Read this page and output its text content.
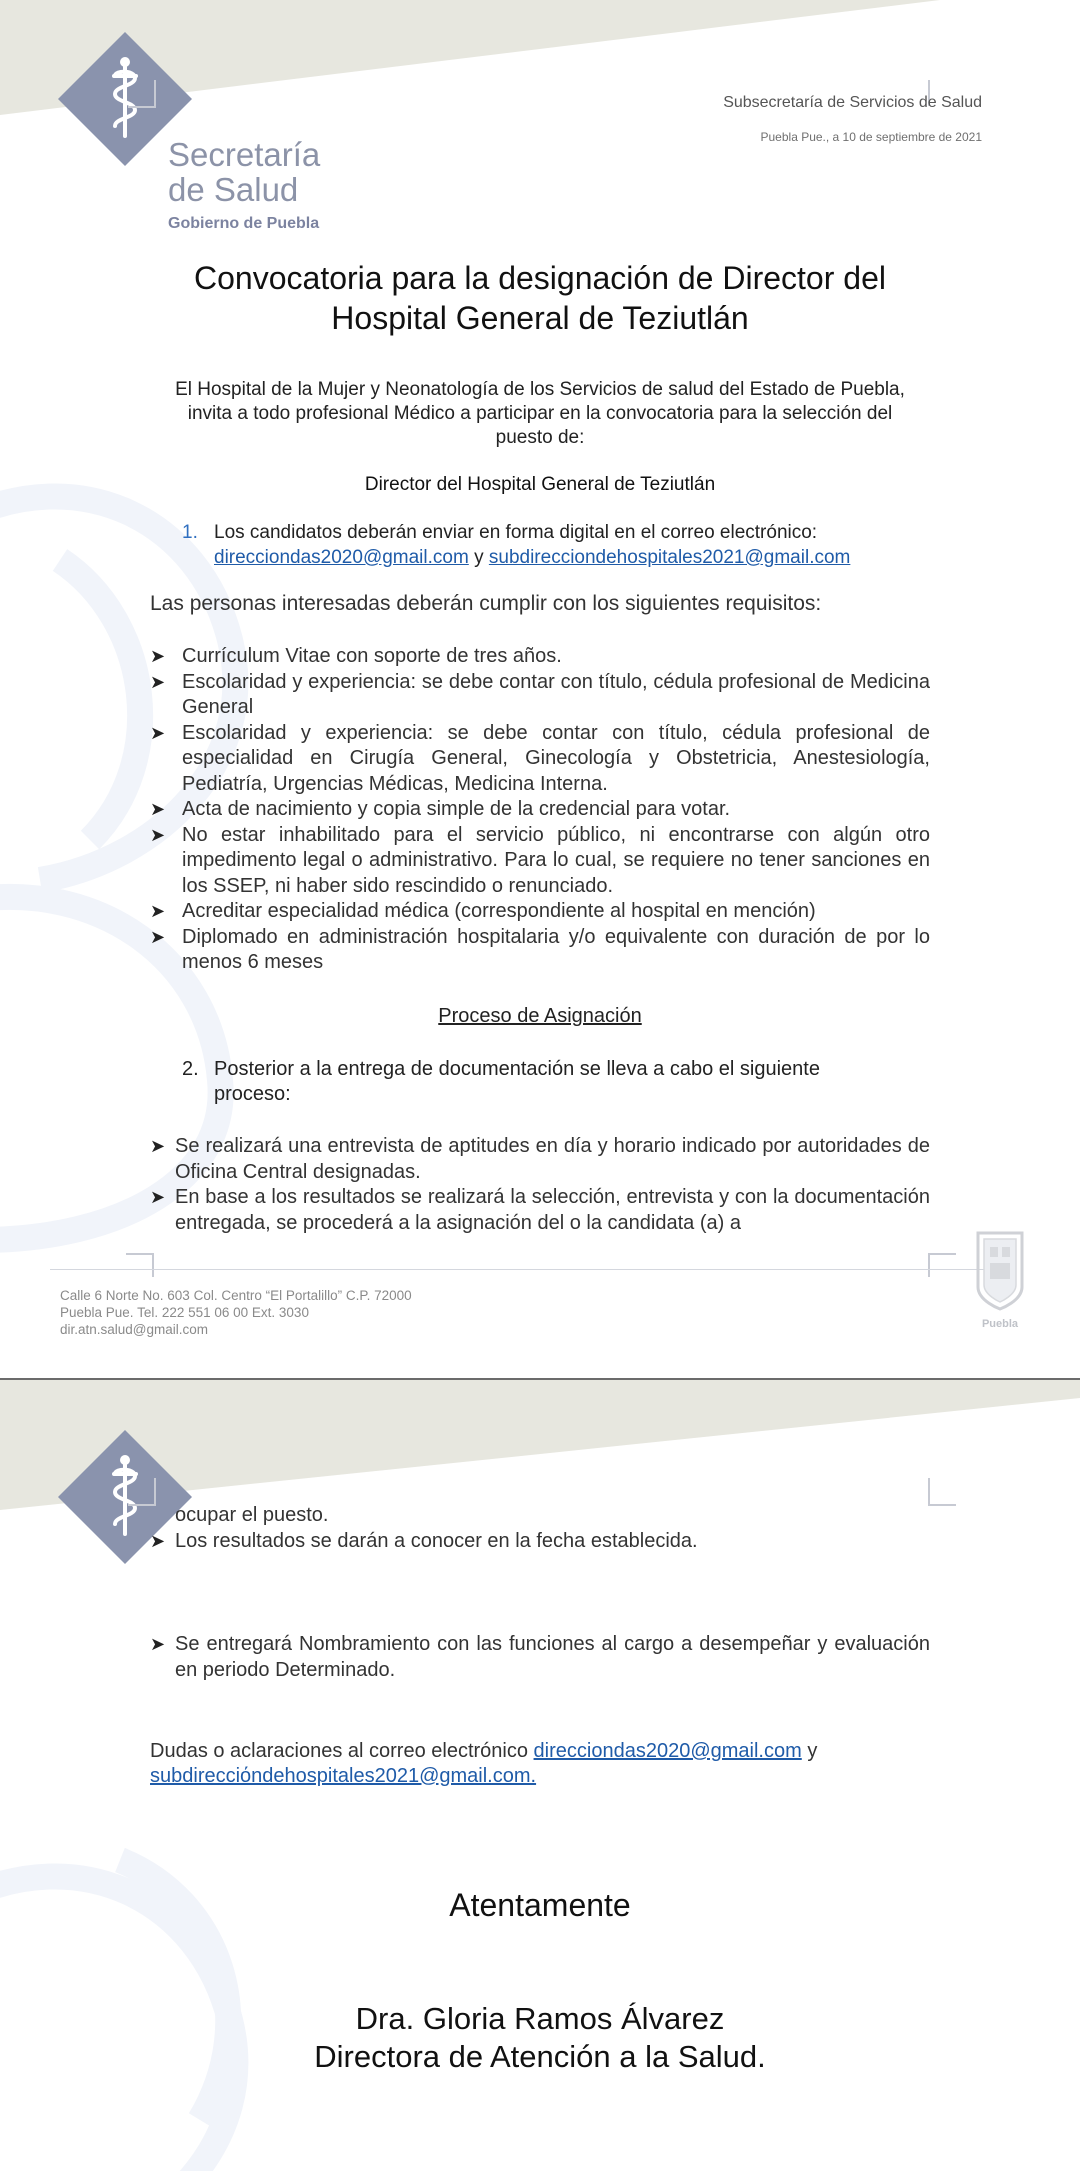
Secretaría
de Salud
Gobierno de Puebla
Subsecretaría de Servicios de Salud
Puebla Pue., a 10 de septiembre de 2021
Convocatoria para la designación de Director del
Hospital General de Teziutlán
El Hospital de la Mujer y Neonatología de los Servicios de salud del Estado de Puebla, invita a todo profesional Médico a participar en la convocatoria para la selección del puesto de:
Director del Hospital General de Teziutlán
1. Los candidatos deberán enviar en forma digital en el correo electrónico:
direcciondas2020@gmail.com y subdirecciondehospitales2021@gmail.com
Las personas interesadas deberán cumplir con los siguientes requisitos:
➤ Currículum Vitae con soporte de tres años.
➤ Escolaridad y experiencia: se debe contar con título, cédula profesional de Medicina General
➤ Escolaridad y experiencia: se debe contar con título, cédula profesional de especialidad en Cirugía General, Ginecología y Obstetricia, Anestesiología, Pediatría, Urgencias Médicas, Medicina Interna.
➤ Acta de nacimiento y copia simple de la credencial para votar.
➤ No estar inhabilitado para el servicio público, ni encontrarse con algún otro impedimento legal o administrativo. Para lo cual, se requiere no tener sanciones en los SSEP, ni haber sido rescindido o renunciado.
➤ Acreditar especialidad médica (correspondiente al hospital en mención)
➤ Diplomado en administración hospitalaria y/o equivalente con duración de por lo menos 6 meses
Proceso de Asignación
2. Posterior a la entrega de documentación se lleva a cabo el siguiente proceso:
➤ Se realizará una entrevista de aptitudes en día y horario indicado por autoridades de Oficina Central designadas.
➤ En base a los resultados se realizará la selección, entrevista y con la documentación entregada, se procederá a la asignación del o la candidata (a) a
Calle 6 Norte No. 603 Col. Centro “El Portalillo” C.P. 72000
Puebla Pue. Tel. 222 551 06 00 Ext. 3030
dir.atn.salud@gmail.com	Puebla
ocupar el puesto.
➤ Los resultados se darán a conocer en la fecha establecida.
➤ Se entregará Nombramiento con las funciones al cargo a desempeñar y evaluación en periodo Determinado.
Dudas o aclaraciones al correo electrónico direcciondas2020@gmail.com y
subdirecciόndehospitales2021@gmail.com.
Atentamente
Dra. Gloria Ramos Álvarez
Directora de Atención a la Salud.
